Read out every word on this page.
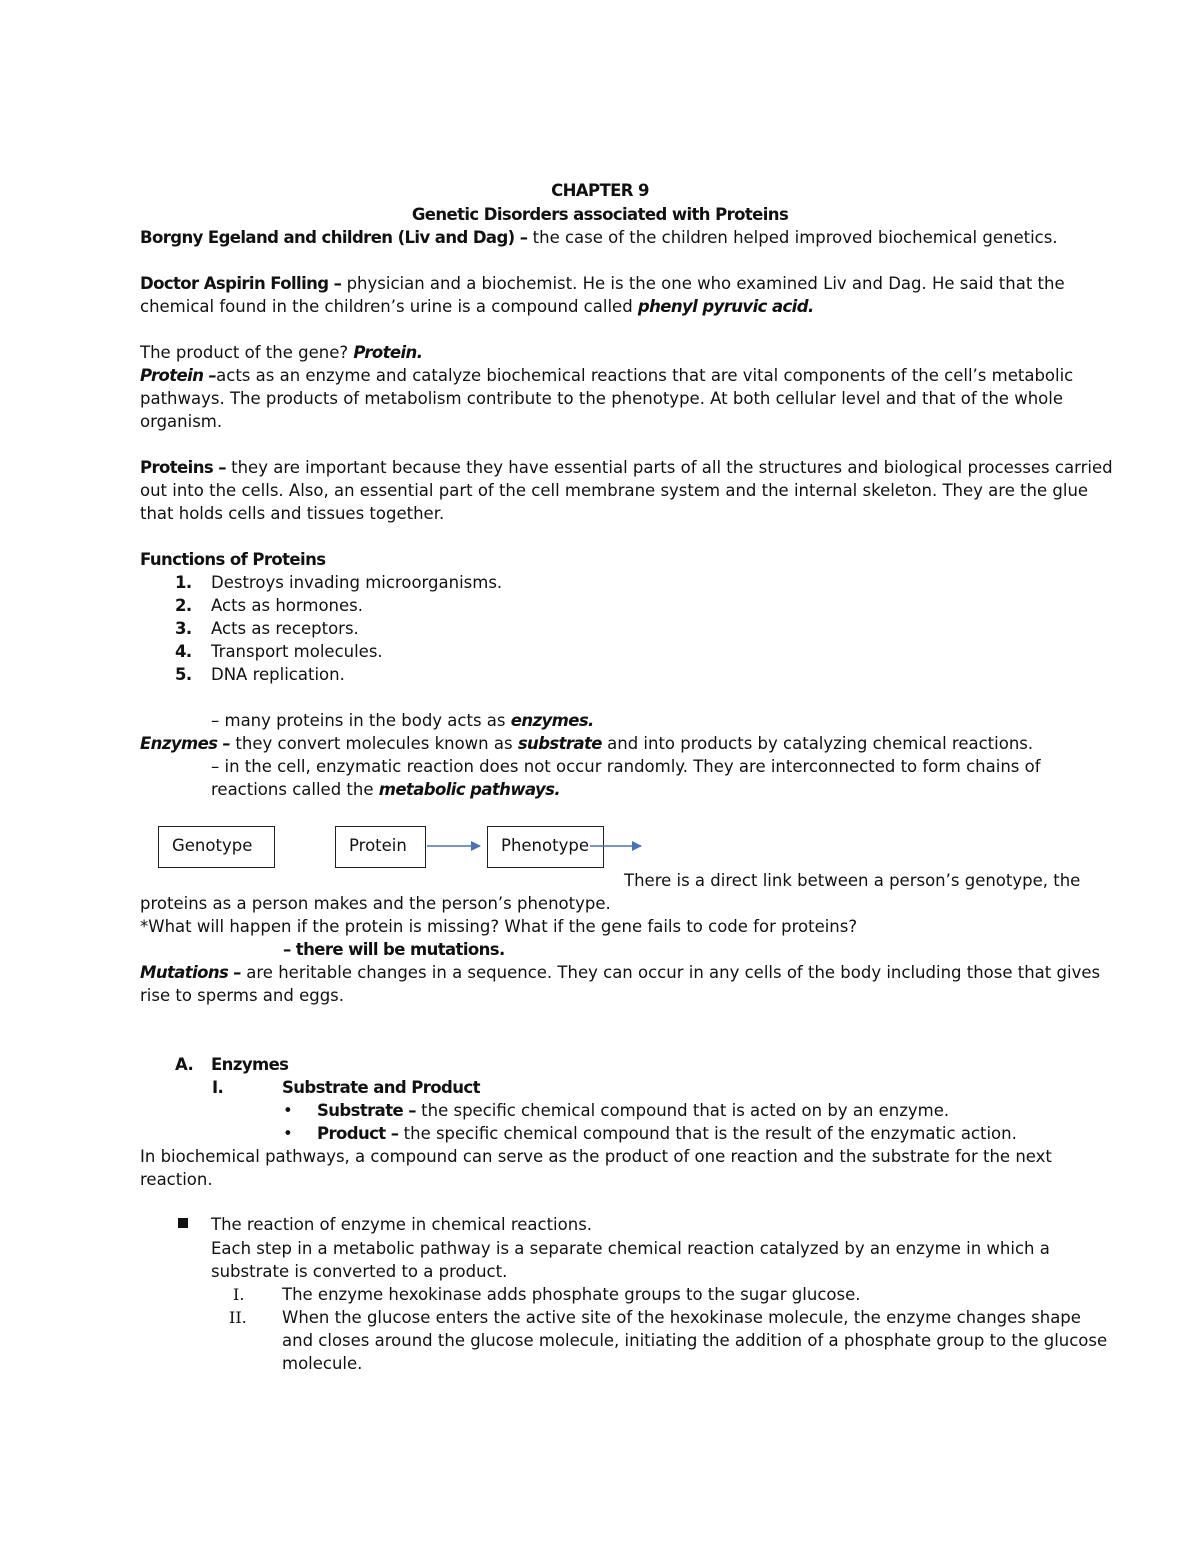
CHAPTER 9
Genetic Disorders associated with Proteins
Borgny Egeland and children (Liv and Dag) – the case of the children helped improved biochemical genetics.
Doctor Aspirin Folling – physician and a biochemist. He is the one who examined Liv and Dag. He said that the
chemical found in the children’s urine is a compound called phenyl pyruvic acid.
The product of the gene? Protein.
Protein –acts as an enzyme and catalyze biochemical reactions that are vital components of the cell’s metabolic
pathways. The products of metabolism contribute to the phenotype. At both cellular level and that of the whole
organism.
Proteins – they are important because they have essential parts of all the structures and biological processes carried
out into the cells. Also, an essential part of the cell membrane system and the internal skeleton. They are the glue
that holds cells and tissues together.
Functions of Proteins
1. Destroys invading microorganisms.
2. Acts as hormones.
3. Acts as receptors.
4. Transport molecules.
5. DNA replication.
– many proteins in the body acts as enzymes.
Enzymes – they convert molecules known as substrate and into products by catalyzing chemical reactions.
– in the cell, enzymatic reaction does not occur randomly. They are interconnected to form chains of
reactions called the metabolic pathways.
Genotype	Protein	Phenotype
There is a direct link between a person’s genotype, the
proteins as a person makes and the person’s phenotype.
*What will happen if the protein is missing? What if the gene fails to code for proteins?
– there will be mutations.
Mutations – are heritable changes in a sequence. They can occur in any cells of the body including those that gives
rise to sperms and eggs.
A. Enzymes
I.	Substrate and Product
• Substrate – the specific chemical compound that is acted on by an enzyme.
• Product – the specific chemical compound that is the result of the enzymatic action.
In biochemical pathways, a compound can serve as the product of one reaction and the substrate for the next
reaction.
The reaction of enzyme in chemical reactions.
Each step in a metabolic pathway is a separate chemical reaction catalyzed by an enzyme in which a
substrate is converted to a product.
I. The enzyme hexokinase adds phosphate groups to the sugar glucose.
II. When the glucose enters the active site of the hexokinase molecule, the enzyme changes shape
and closes around the glucose molecule, initiating the addition of a phosphate group to the glucose
molecule.
